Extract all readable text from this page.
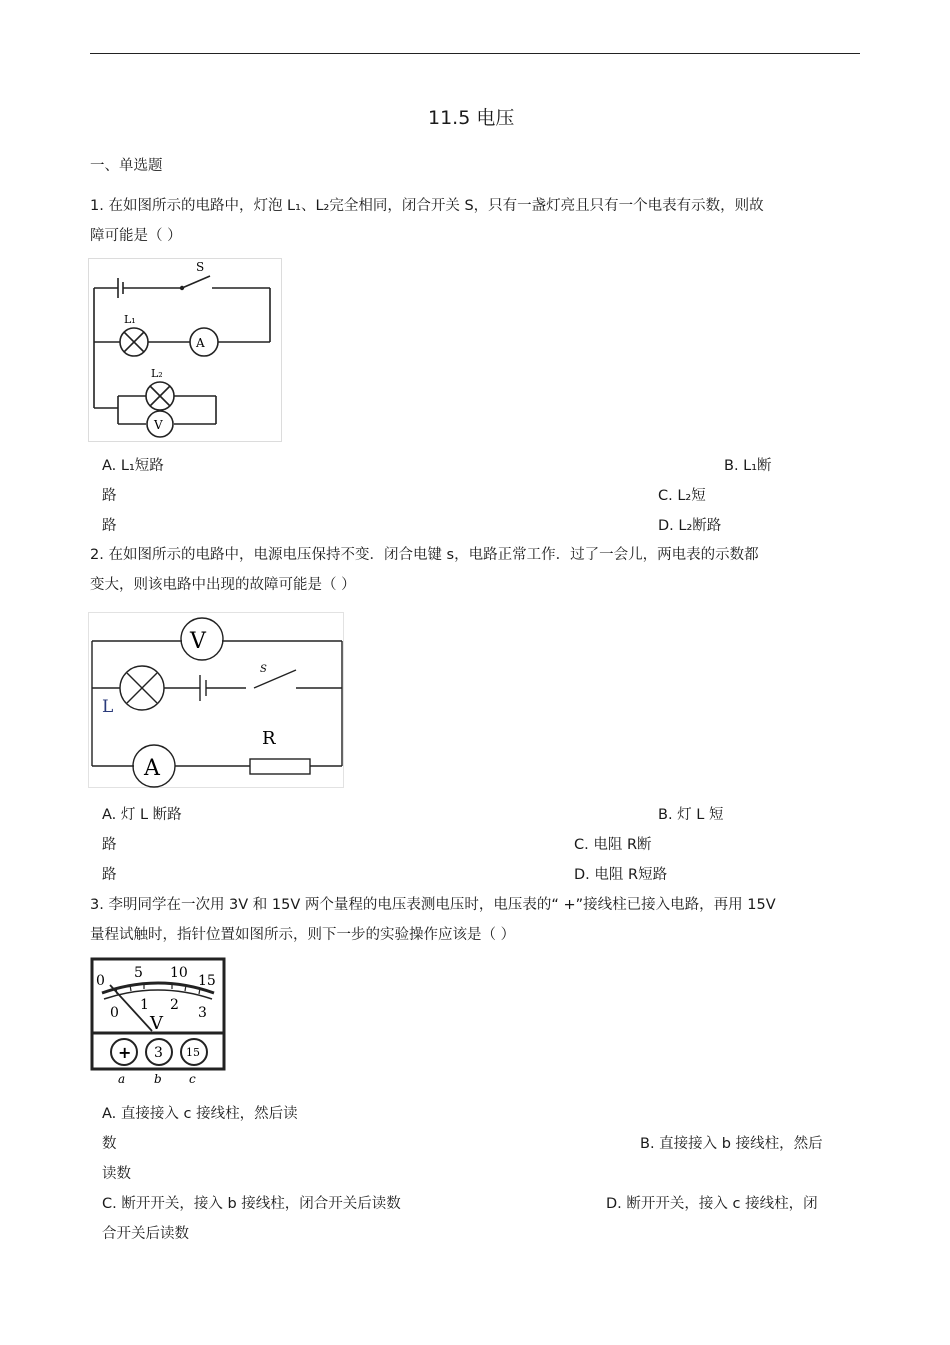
11.5 电压
一、单选题
1. 在如图所示的电路中，灯泡 L₁、L₂完全相同，闭合开关 S，只有一盏灯亮且只有一个电表有示数，则故
障可能是（ ）
S
L₁
A
L₂
V
A. L₁短路	B. L₁断
路	C. L₂短
路	D. L₂断路
2. 在如图所示的电路中，电源电压保持不变．闭合电键 s，电路正常工作．过了一会儿，两电表的示数都
变大，则该电路中出现的故障可能是（ ）
V
S
L
A
R
A. 灯 L 断路	B. 灯 L 短
路	C. 电阻 R断
路	D. 电阻 R短路
3. 李明同学在一次用 3V 和 15V 两个量程的电压表测电压时，电压表的“ +”接线柱已接入电路，再用 15V
量程试触时，指针位置如图所示，则下一步的实验操作应该是（ ）
0 5 10 15
0 1 2 3
V
+ 3 15
a b c
A. 直接接入 c 接线柱，然后读
数	B. 直接接入 b 接线柱，然后
读数
C. 断开开关，接入 b 接线柱，闭合开关后读数	D. 断开开关，接入 c 接线柱，闭
合开关后读数
